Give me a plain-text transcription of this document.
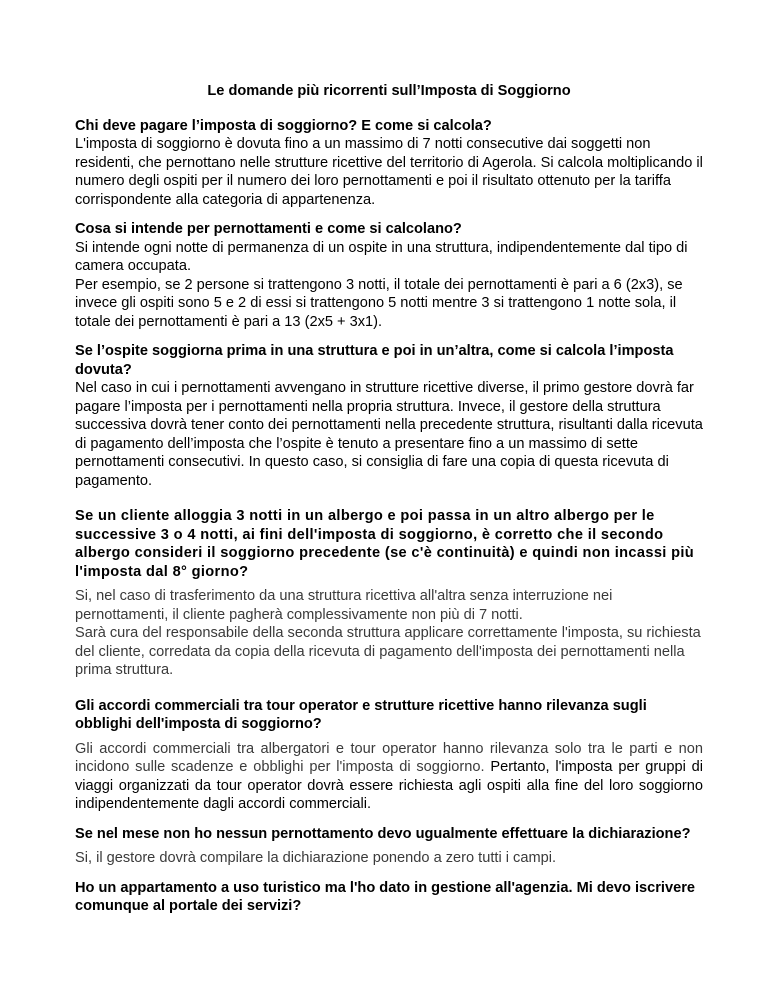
Le domande più ricorrenti sull’Imposta di Soggiorno

Chi deve pagare l’imposta di soggiorno? E come si calcola?

L'imposta di soggiorno è dovuta fino a un massimo di 7 notti consecutive dai soggetti non residenti, che pernottano nelle strutture ricettive del territorio di Agerola. Si calcola moltiplicando il numero degli ospiti per il numero dei loro pernottamenti e poi il risultato ottenuto per la tariffa corrispondente alla categoria di appartenenza.

Cosa si intende per pernottamenti e come si calcolano?

Si intende ogni notte di permanenza di un ospite in una struttura, indipendentemente dal tipo di camera occupata.

Per esempio, se 2 persone si trattengono 3 notti, il totale dei pernottamenti è pari a 6 (2x3), se invece gli ospiti sono 5 e 2 di essi si trattengono 5 notti mentre 3 si trattengono 1 notte sola, il totale dei pernottamenti è pari a 13 (2x5 + 3x1).

Se l’ospite soggiorna prima in una struttura e poi in un’altra, come si calcola l’imposta dovuta?

Nel caso in cui i pernottamenti avvengano in strutture ricettive diverse, il primo gestore dovrà far pagare l’imposta per i pernottamenti nella propria struttura. Invece, il gestore della struttura successiva dovrà tener conto dei pernottamenti nella precedente struttura, risultanti dalla ricevuta di pagamento dell’imposta che l’ospite è tenuto a presentare fino a un massimo di sette pernottamenti consecutivi. In questo caso, si consiglia di fare una copia di questa ricevuta di pagamento.

Se un cliente alloggia 3 notti in un albergo e poi passa in un altro albergo per le successive 3 o 4 notti, ai fini dell'imposta di soggiorno, è corretto che il secondo albergo consideri il soggiorno precedente (se c'è continuità) e quindi non incassi più l'imposta dal 8° giorno?

Si, nel caso di trasferimento da una struttura ricettiva all'altra senza interruzione nei pernottamenti, il cliente pagherà complessivamente non più di 7 notti.

Sarà cura del responsabile della seconda struttura applicare correttamente l'imposta, su richiesta del cliente, corredata da copia della ricevuta di pagamento dell'imposta dei pernottamenti nella prima struttura.

Gli accordi commerciali tra tour operator e strutture ricettive hanno rilevanza sugli obblighi dell'imposta di soggiorno?

Gli accordi commerciali tra albergatori e tour operator hanno rilevanza solo tra le parti e non incidono sulle scadenze e obblighi per l'imposta di soggiorno. Pertanto, l'imposta per gruppi di viaggi organizzati da tour operator dovrà essere richiesta agli ospiti alla fine del loro soggiorno indipendentemente dagli accordi commerciali.

Se nel mese non ho nessun pernottamento devo ugualmente effettuare la dichiarazione?

Si, il gestore dovrà compilare la dichiarazione ponendo a zero tutti i campi.

Ho un appartamento a uso turistico ma l'ho dato in gestione all'agenzia. Mi devo iscrivere comunque al portale dei servizi?
